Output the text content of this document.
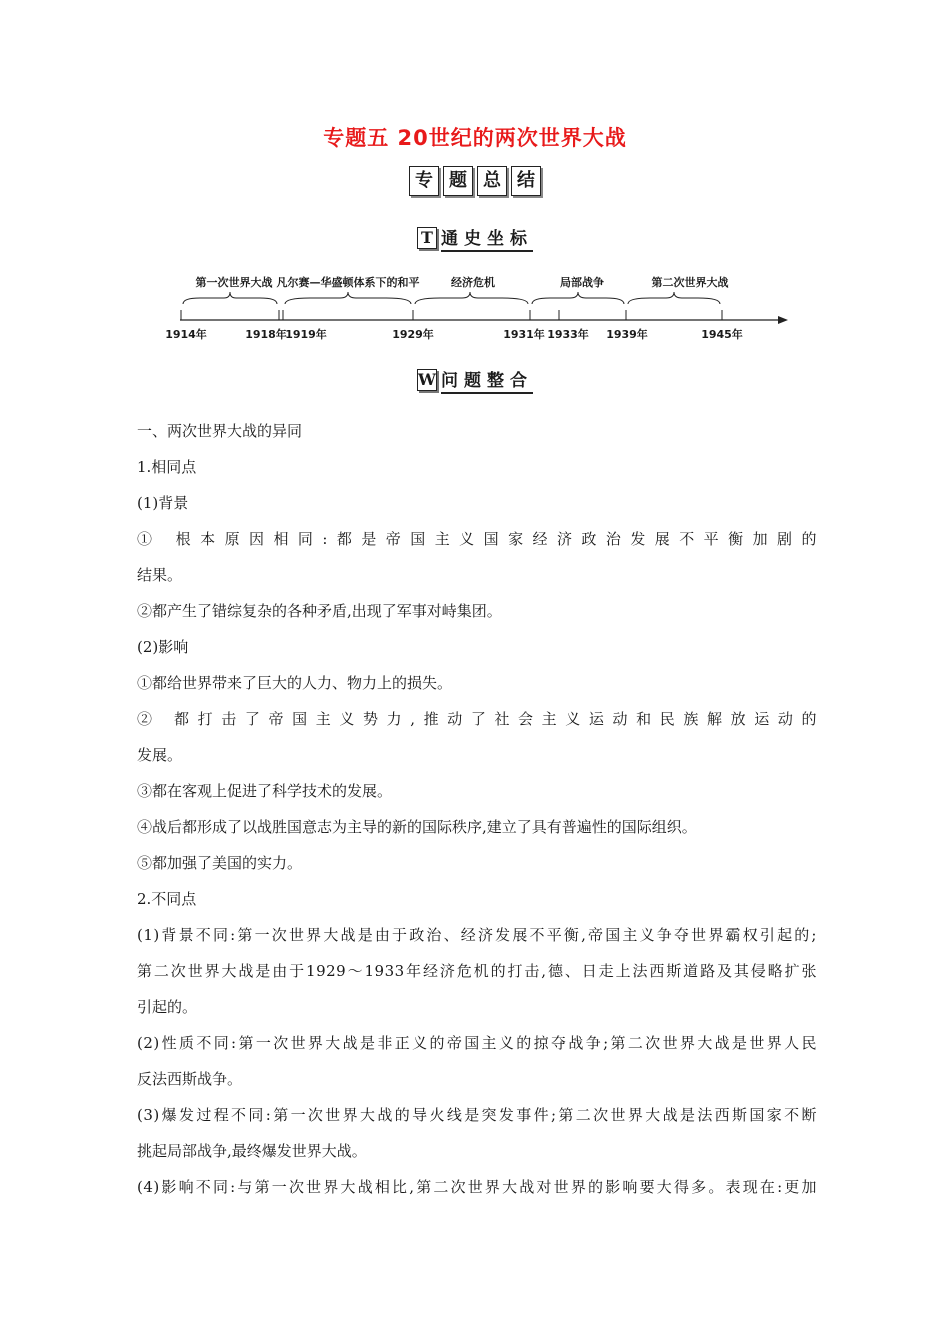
专题五 20世纪的两次世界大战
专 题 总 结
T 通史坐标
第一次世界大战 凡尔赛—华盛顿体系下的和平	经济危机	局部战争	第二次世界大战
1914年	1918年
1919年	1929年	1931年 1933年 1939年	1945年
W 问题整合

一、两次世界大战的异同

1.相同点

(1)背景

① 根本原因相同:都是帝国主义国家经济政治发展不平衡加剧的

结果。

②都产生了错综复杂的各种矛盾,出现了军事对峙集团。

(2)影响

①都给世界带来了巨大的人力、物力上的损失。

② 都打击了帝国主义势力,推动了社会主义运动和民族解放运动的

发展。

③都在客观上促进了科学技术的发展。

④战后都形成了以战胜国意志为主导的新的国际秩序,建立了具有普遍性的国际组织。

⑤都加强了美国的实力。

2.不同点

(1)背景不同:第一次世界大战是由于政治、经济发展不平衡,帝国主义争夺世界霸权引起的;

第二次世界大战是由于1929～1933年经济危机的打击,德、日走上法西斯道路及其侵略扩张

引起的。

(2)性质不同:第一次世界大战是非正义的帝国主义的掠夺战争;第二次世界大战是世界人民

反法西斯战争。

(3)爆发过程不同:第一次世界大战的导火线是突发事件;第二次世界大战是法西斯国家不断

挑起局部战争,最终爆发世界大战。

(4)影响不同:与第一次世界大战相比,第二次世界大战对世界的影响要大得多。表现在:更加
